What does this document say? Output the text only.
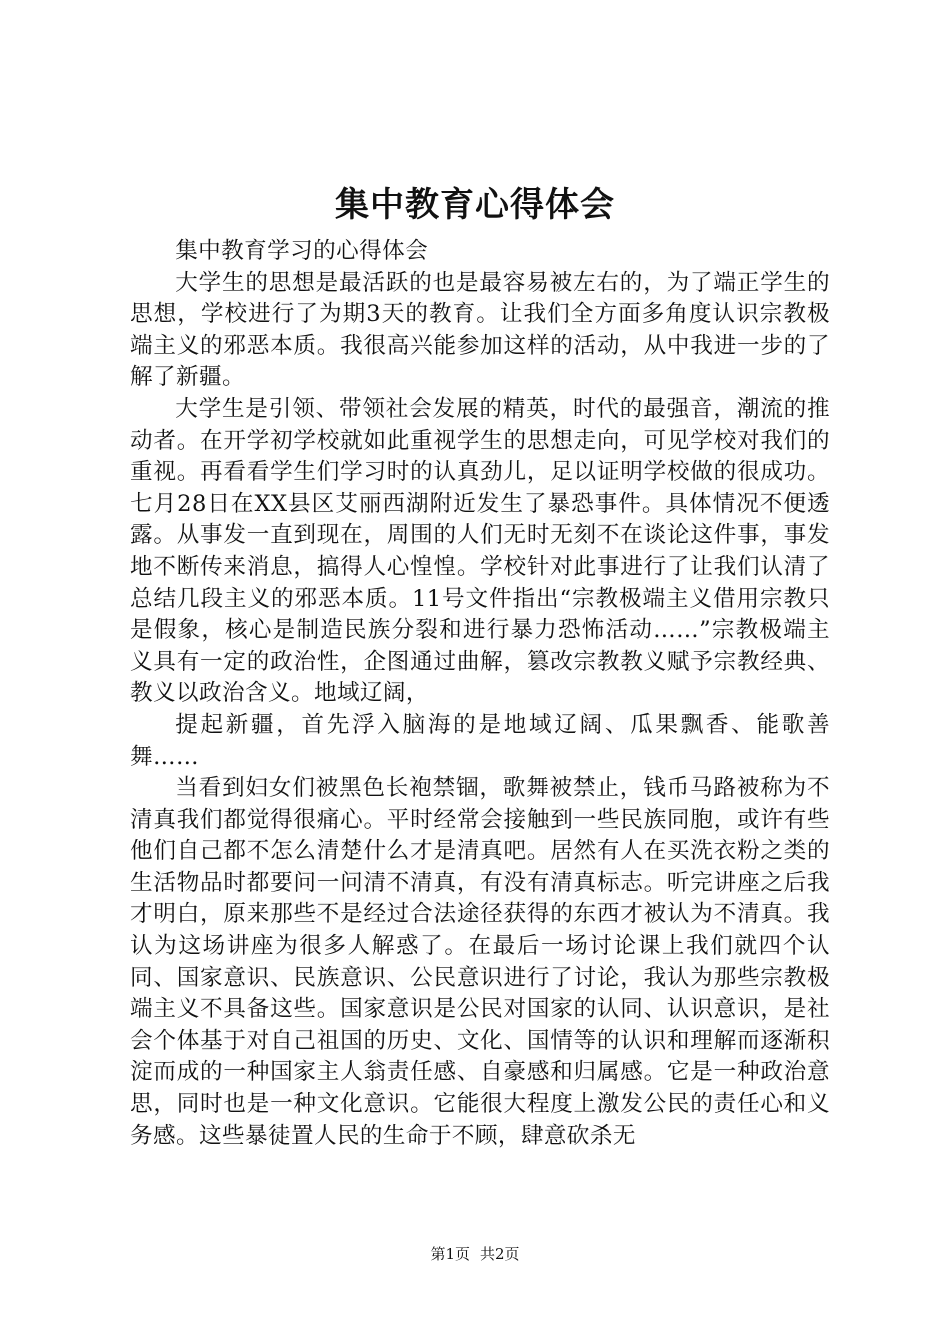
集中教育心得体会

集中教育学习的心得体会

大学生的思想是最活跃的也是最容易被左右的，为了端正学生的思想，学校进行了为期3天的教育。让我们全方面多角度认识宗教极端主义的邪恶本质。我很高兴能参加这样的活动，从中我进一步的了解了新疆。

大学生是引领、带领社会发展的精英，时代的最强音，潮流的推动者。在开学初学校就如此重视学生的思想走向，可见学校对我们的重视。再看看学生们学习时的认真劲儿，足以证明学校做的很成功。七月28日在XX县区艾丽西湖附近发生了暴恐事件。具体情况不便透露。从事发一直到现在，周围的人们无时无刻不在谈论这件事，事发地不断传来消息，搞得人心惶惶。学校针对此事进行了让我们认清了总结几段主义的邪恶本质。11号文件指出“宗教极端主义借用宗教只是假象，核心是制造民族分裂和进行暴力恐怖活动……”宗教极端主义具有一定的政治性，企图通过曲解，篡改宗教教义赋予宗教经典、教义以政治含义。地域辽阔，

提起新疆，首先浮入脑海的是地域辽阔、瓜果飘香、能歌善舞……

当看到妇女们被黑色长袍禁锢，歌舞被禁止，钱币马路被称为不清真我们都觉得很痛心。平时经常会接触到一些民族同胞，或许有些他们自己都不怎么清楚什么才是清真吧。居然有人在买洗衣粉之类的生活物品时都要问一问清不清真，有没有清真标志。听完讲座之后我才明白，原来那些不是经过合法途径获得的东西才被认为不清真。我认为这场讲座为很多人解惑了。在最后一场讨论课上我们就四个认同、国家意识、民族意识、公民意识进行了讨论，我认为那些宗教极端主义不具备这些。国家意识是公民对国家的认同、认识意识，是社会个体基于对自己祖国的历史、文化、国情等的认识和理解而逐渐积淀而成的一种国家主人翁责任感、自豪感和归属感。它是一种政治意思，同时也是一种文化意识。它能很大程度上激发公民的责任心和义务感。这些暴徒置人民的生命于不顾，肆意砍杀无

第1页 共2页
